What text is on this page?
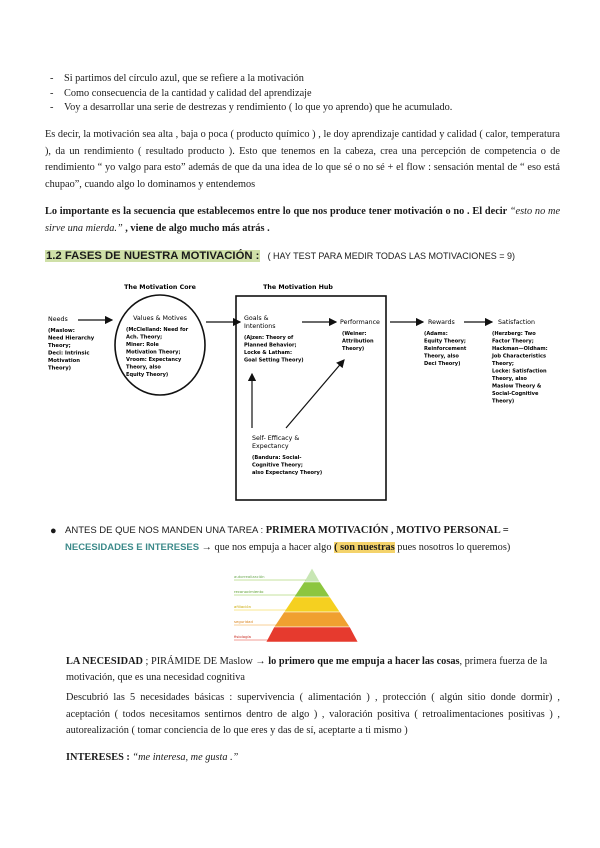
-	Si partimos del círculo azul, que se refiere a la motivación
-	Como consecuencia de la cantidad y calidad del aprendizaje
-	Voy a desarrollar una serie de destrezas y rendimiento ( lo que yo aprendo) que he acumulado.
Es decir, la motivación sea alta , baja o poca ( producto químico ) , le doy aprendizaje cantidad y calidad ( calor, temperatura ), da un rendimiento ( resultado producto ). Esto que tenemos en la cabeza, crea una percepción de competencia o de rendimiento “ yo valgo para esto” además de que da una idea de lo que sé o no sé + el flow : sensación mental de “ eso está chupao”, cuando algo lo dominamos y entendemos
Lo importante es la secuencia que establecemos entre lo que nos produce tener motivación o no . El decir “esto no me sirve una mierda.” , viene de algo mucho más atrás .
1.2 FASES DE NUESTRA MOTIVACIÓN : ( HAY TEST PARA MEDIR TODAS LAS MOTIVACIONES = 9)
The Motivation Core	The Motivation Hub
Needs
(Maslow:
Need Hierarchy
Theory;
Deci: Intrinsic
Motivation
Theory)
Values & Motives
(McClelland: Need for
Ach. Theory;
Miner: Role
Motivation Theory;
Vroom: Expectancy
Theory, also
Equity Theory)
Goals &
Intentions
(Ajzen: Theory of
Planned Behavior;
Locke & Latham:
Goal Setting Theory)
Performance
(Weiner:
Attribution
Theory)
Rewards
(Adams:
Equity Theory;
Reinforcement
Theory, also
Deci Theory)
Satisfaction
(Herzberg: Two
Factor Theory;
Hackman—Oldham:
Job Characteristics
Theory;
Locke: Satisfaction
Theory, also
Maslow Theory &
Social-Cognitive
Theory)
Self- Efficacy &
Expectancy
(Bandura: Social-
Cognitive Theory;
also Expectancy Theory)
● ANTES DE QUE NOS MANDEN UNA TAREA : PRIMERA MOTIVACIÓN , MOTIVO PERSONAL = NECESIDADES E INTERESES → que nos empuja a hacer algo ( son nuestras pues nosotros lo queremos)
autorrealización
reconocimiento
afiliación
seguridad
fisiología
LA NECESIDAD ; PIRÁMIDE DE Maslow → lo primero que me empuja a hacer las cosas, primera fuerza de la motivación, que es una necesidad cognitiva
Descubrió las 5 necesidades básicas : supervivencia ( alimentación ) , protección ( algún sitio donde dormir) , aceptación ( todos necesitamos sentirnos dentro de algo ) , valoración positiva ( retroalimentaciones positivas ) , autorealización ( tomar conciencia de lo que eres y das de sí, aceptarte a ti mismo )
INTERESES : “me interesa, me gusta .”
